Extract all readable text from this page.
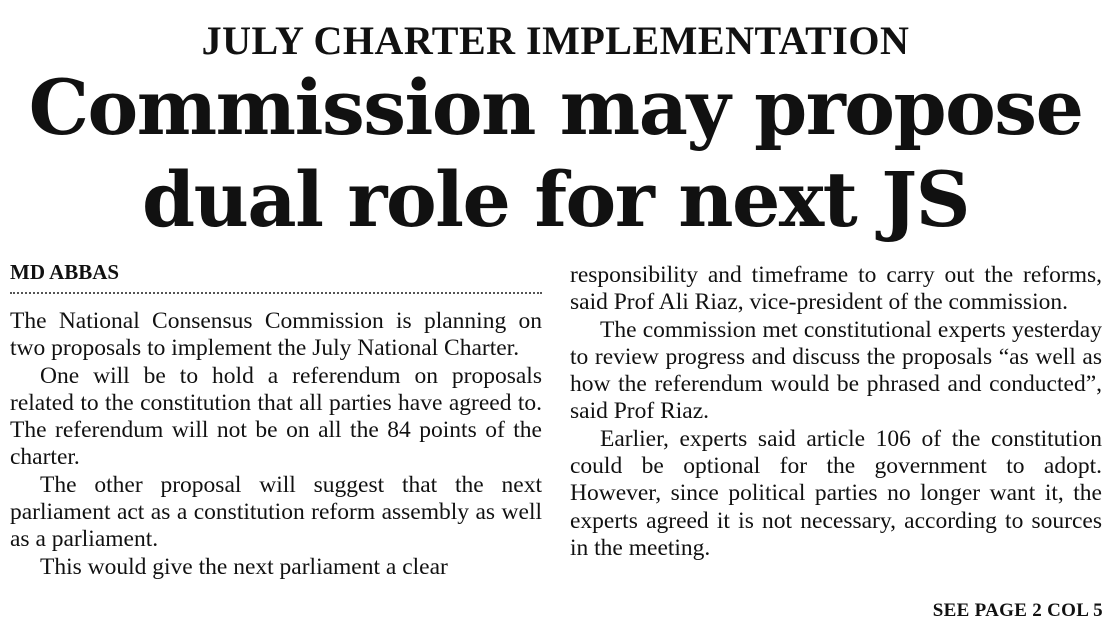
JULY CHARTER IMPLEMENTATION
Commission may propose
dual role for next JS
MD ABBAS

The National Consensus Commission is planning on two proposals to implement the July National Charter.

One will be to hold a referendum on proposals related to the constitution that all parties have agreed to. The referendum will not be on all the 84 points of the charter.

The other proposal will suggest that the next parliament act as a constitution reform assembly as well as a parliament.

This would give the next parliament a clear

responsibility and timeframe to carry out the reforms, said Prof Ali Riaz, vice-president of the commission.

The commission met constitutional experts yesterday to review progress and discuss the proposals “as well as how the referendum would be phrased and conducted”, said Prof Riaz.

Earlier, experts said article 106 of the constitution could be optional for the government to adopt. However, since political parties no longer want it, the experts agreed it is not necessary, according to sources in the meeting.

SEE PAGE 2 COL 5
